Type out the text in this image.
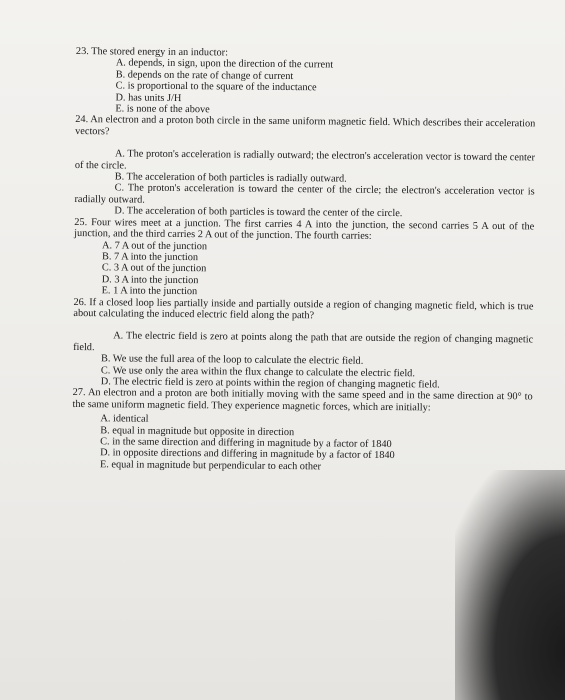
23. The stored energy in an inductor:
A. depends, in sign, upon the direction of the current
B. depends on the rate of change of current
C. is proportional to the square of the inductance
D. has units J/H
E. is none of the above
24. An electron and a proton both circle in the same uniform magnetic field. Which describes their acceleration vectors?
A. The proton's acceleration is radially outward; the electron's acceleration vector is toward the center of the circle.
B. The acceleration of both particles is radially outward.
C. The proton's acceleration is toward the center of the circle; the electron's acceleration vector is radially outward.
D. The acceleration of both particles is toward the center of the circle.
25. Four wires meet at a junction. The first carries 4 A into the junction, the second carries 5 A out of the junction, and the third carries 2 A out of the junction. The fourth carries:
A. 7 A out of the junction
B. 7 A into the junction
C. 3 A out of the junction
D. 3 A into the junction
E. 1 A into the junction
26. If a closed loop lies partially inside and partially outside a region of changing magnetic field, which is true about calculating the induced electric field along the path?
A. The electric field is zero at points along the path that are outside the region of changing magnetic field.
B. We use the full area of the loop to calculate the electric field.
C. We use only the area within the flux change to calculate the electric field.
D. The electric field is zero at points within the region of changing magnetic field.
27. An electron and a proton are both initially moving with the same speed and in the same direction at 90° to the same uniform magnetic field. They experience magnetic forces, which are initially:
A. identical
B. equal in magnitude but opposite in direction
C. in the same direction and differing in magnitude by a factor of 1840
D. in opposite directions and differing in magnitude by a factor of 1840
E. equal in magnitude but perpendicular to each other
